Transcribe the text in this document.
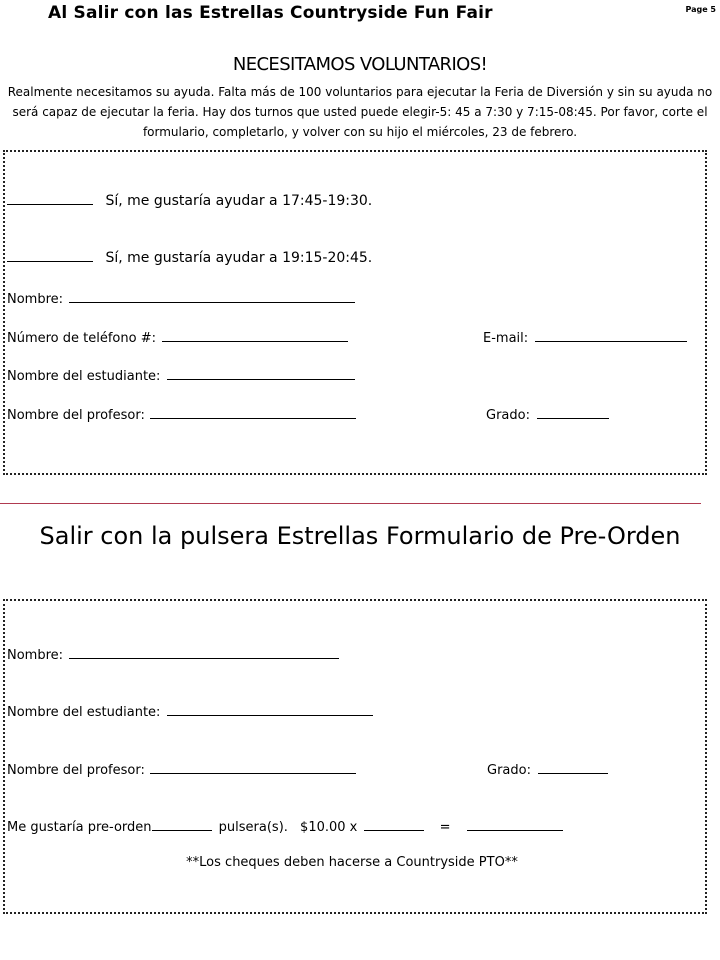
Al Salir con las Estrellas Countryside Fun Fair	Page 5
NECESITAMOS VOLUNTARIOS!
Realmente necesitamos su ayuda. Falta más de 100 voluntarios para ejecutar la Feria de Diversión y sin su ayuda no será capaz de ejecutar la feria. Hay dos turnos que usted puede elegir-5: 45 a 7:30 y 7:15-08:45. Por favor, corte el formulario, completarlo, y volver con su hijo el miércoles, 23 de febrero.
Sí, me gustaría ayudar a 17:45-19:30.
Sí, me gustaría ayudar a 19:15-20:45.
Nombre:
Número de teléfono #:	E-mail:
Nombre del estudiante:
Nombre del profesor:	Grado:
Salir con la pulsera Estrellas Formulario de Pre-Orden
Nombre:
Nombre del estudiante:
Nombre del profesor:	Grado:
Me gustaría pre-orden	pulsera(s). $10.00 x	=
**Los cheques deben hacerse a Countryside PTO**
